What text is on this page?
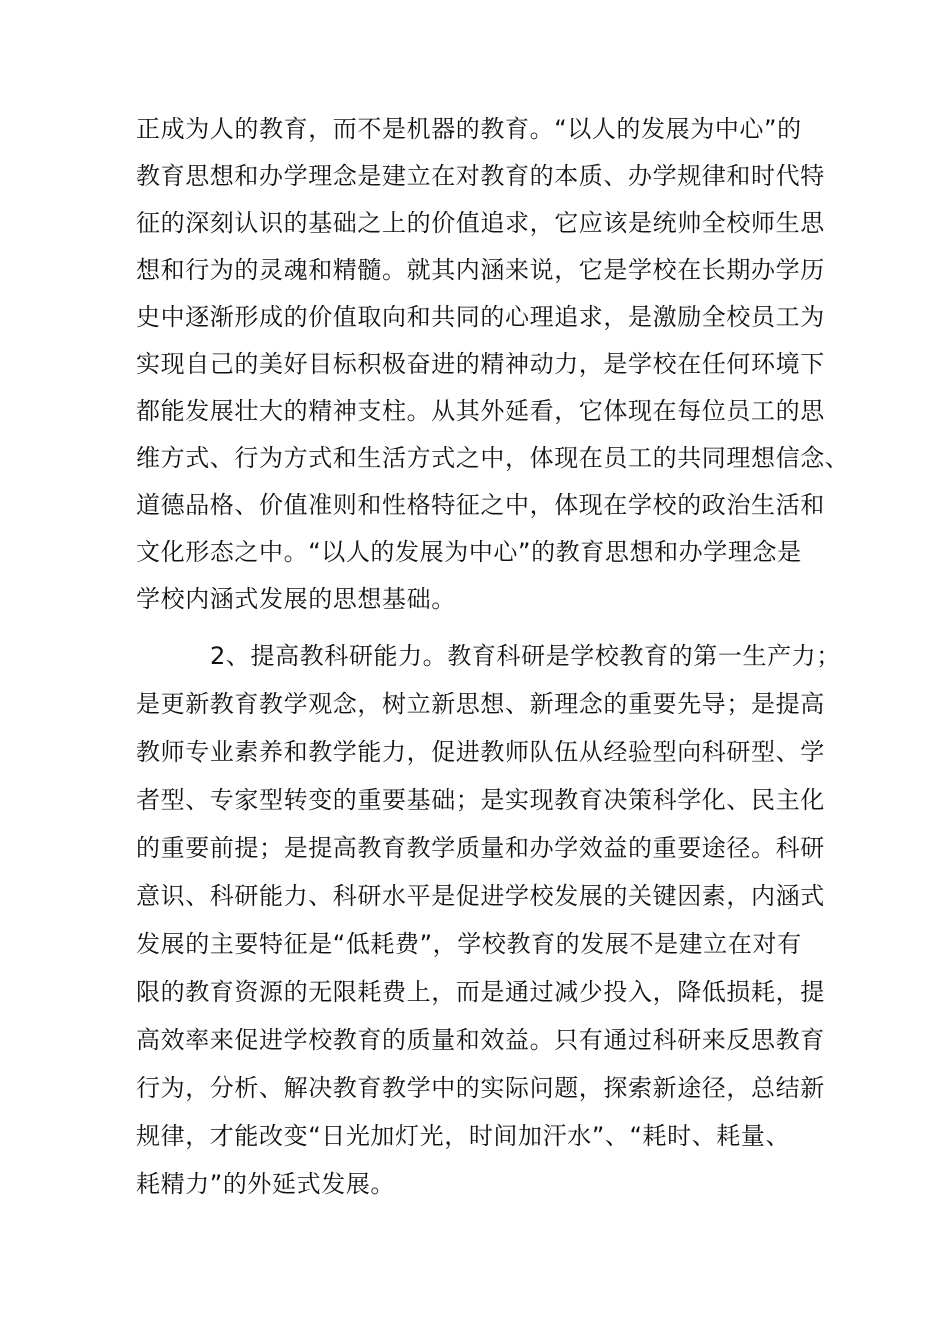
正成为人的教育，而不是机器的教育。“以人的发展为中心”的
教育思想和办学理念是建立在对教育的本质、办学规律和时代特
征的深刻认识的基础之上的价值追求，它应该是统帅全校师生思
想和行为的灵魂和精髓。就其内涵来说，它是学校在长期办学历
史中逐渐形成的价值取向和共同的心理追求，是激励全校员工为
实现自己的美好目标积极奋进的精神动力，是学校在任何环境下
都能发展壮大的精神支柱。从其外延看，它体现在每位员工的思
维方式、行为方式和生活方式之中，体现在员工的共同理想信念、
道德品格、价值准则和性格特征之中，体现在学校的政治生活和
文化形态之中。“以人的发展为中心”的教育思想和办学理念是
学校内涵式发展的思想基础。
2、提高教科研能力。教育科研是学校教育的第一生产力；
是更新教育教学观念，树立新思想、新理念的重要先导；是提高
教师专业素养和教学能力，促进教师队伍从经验型向科研型、学
者型、专家型转变的重要基础；是实现教育决策科学化、民主化
的重要前提；是提高教育教学质量和办学效益的重要途径。科研
意识、科研能力、科研水平是促进学校发展的关键因素，内涵式
发展的主要特征是“低耗费”，学校教育的发展不是建立在对有
限的教育资源的无限耗费上，而是通过减少投入，降低损耗，提
高效率来促进学校教育的质量和效益。只有通过科研来反思教育
行为，分析、解决教育教学中的实际问题，探索新途径，总结新
规律，才能改变“日光加灯光，时间加汗水”、“耗时、耗量、
耗精力”的外延式发展。
